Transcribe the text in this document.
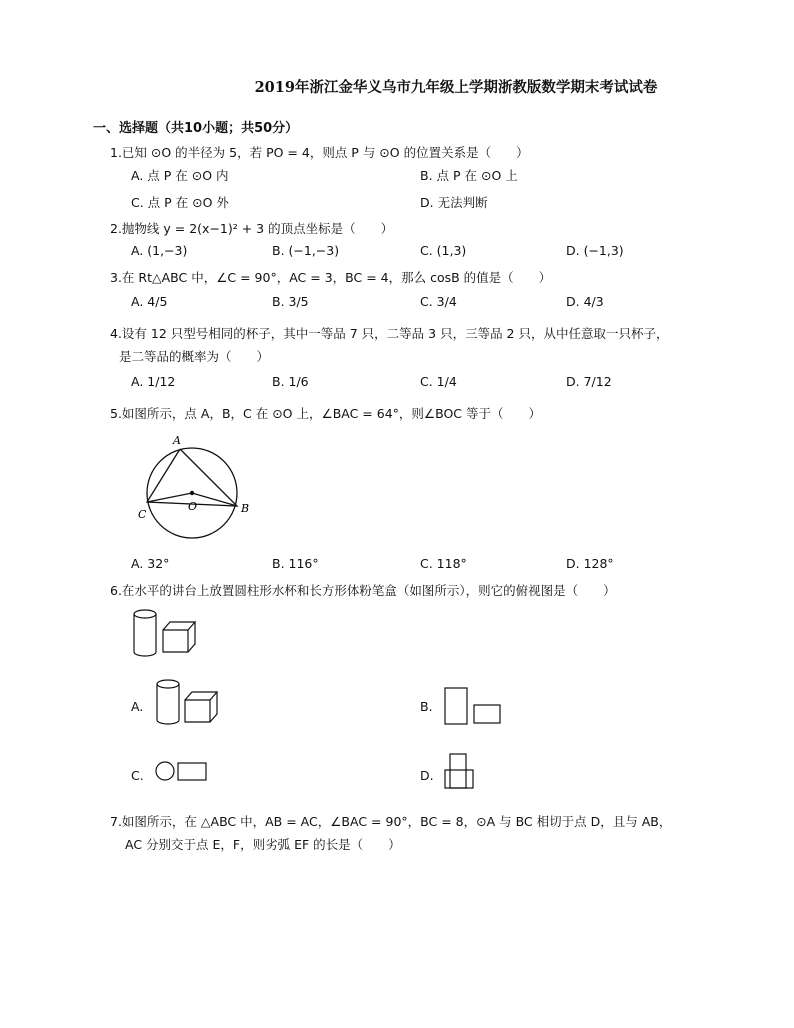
2019年浙江金华义乌市九年级上学期浙教版数学期末考试试卷
一、选择题（共10小题；共50分）
1.已知 ⊙O 的半径为 5，若 PO = 4，则点 P 与 ⊙O 的位置关系是（　　）
A. 点 P 在 ⊙O 内	B. 点 P 在 ⊙O 上
C. 点 P 在 ⊙O 外	D. 无法判断
2.抛物线 y = 2(x−1)² + 3 的顶点坐标是（　　）
A. (1,−3)	B. (−1,−3)	C. (1,3)	D. (−1,3)
3.在 Rt△ABC 中，∠C = 90°，AC = 3，BC = 4，那么 cosB 的值是（　　）
A. 4/5	B. 3/5	C. 3/4	D. 4/3
4.设有 12 只型号相同的杯子，其中一等品 7 只，二等品 3 只，三等品 2 只，从中任意取一只杯子，
是二等品的概率为（　　）
A. 1/12	B. 1/6	C. 1/4	D. 7/12
5.如图所示，点 A，B，C 在 ⊙O 上，∠BAC = 64°，则∠BOC 等于（　　）
A
B
C
O
A. 32°	B. 116°	C. 118°	D. 128°
6.在水平的讲台上放置圆柱形水杯和长方形体粉笔盒（如图所示），则它的俯视图是（　　）
A.	B.
C.	D.
7.如图所示，在 △ABC 中，AB = AC，∠BAC = 90°，BC = 8，⊙A 与 BC 相切于点 D，且与 AB，
AC 分别交于点 E，F，则劣弧 EF 的长是（　　）
